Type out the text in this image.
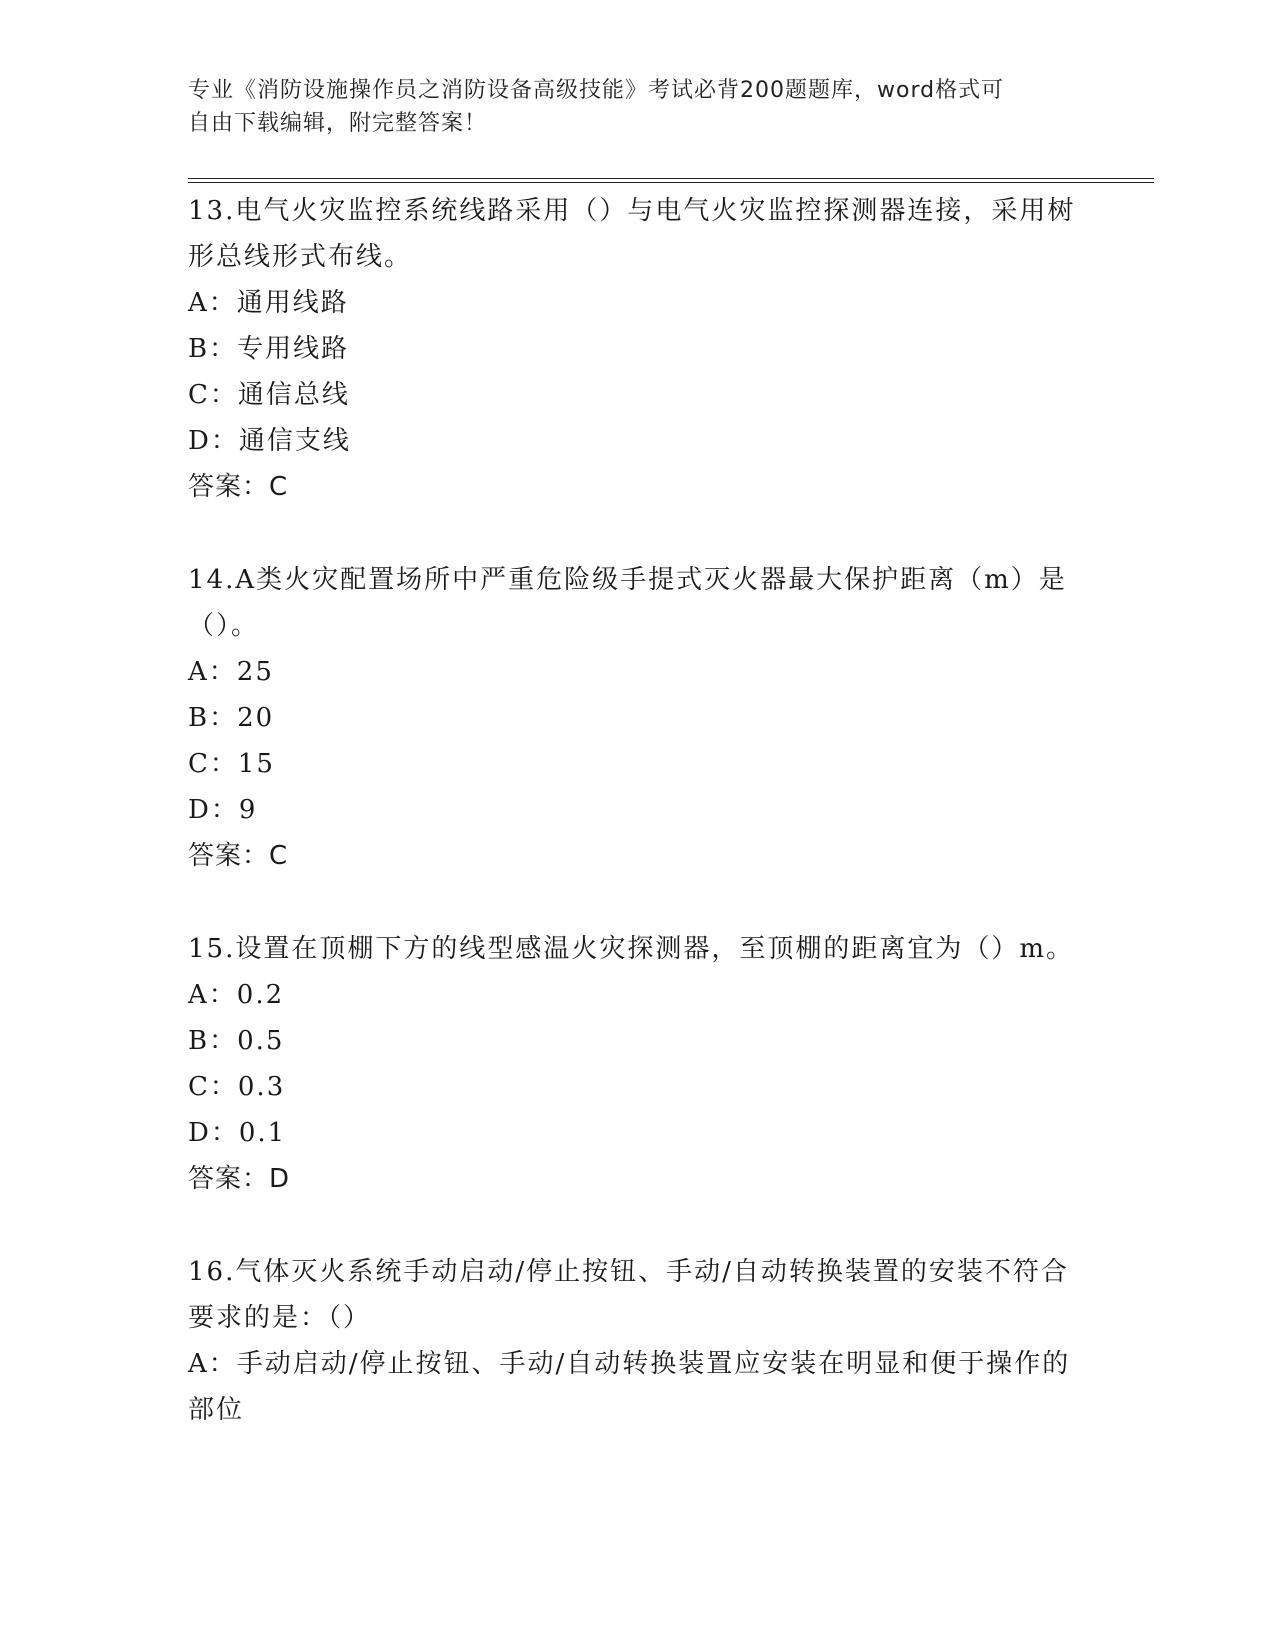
专业《消防设施操作员之消防设备高级技能》考试必背200题题库，word格式可
自由下载编辑，附完整答案！

13.电气火灾监控系统线路采用（）与电气火灾监控探测器连接，采用树形总线形式布线。

A：通用线路

B：专用线路

C：通信总线

D：通信支线

答案：C

14.A类火灾配置场所中严重危险级手提式灭火器最大保护距离（m）是（）。

A：25

B：20

C：15

D：9

答案：C

15.设置在顶棚下方的线型感温火灾探测器，至顶棚的距离宜为（）m。

A：0.2

B：0.5

C：0.3

D：0.1

答案：D

16.气体灭火系统手动启动/停止按钮、手动/自动转换装置的安装不符合要求的是：（）

A：手动启动/停止按钮、手动/自动转换装置应安装在明显和便于操作的部位
